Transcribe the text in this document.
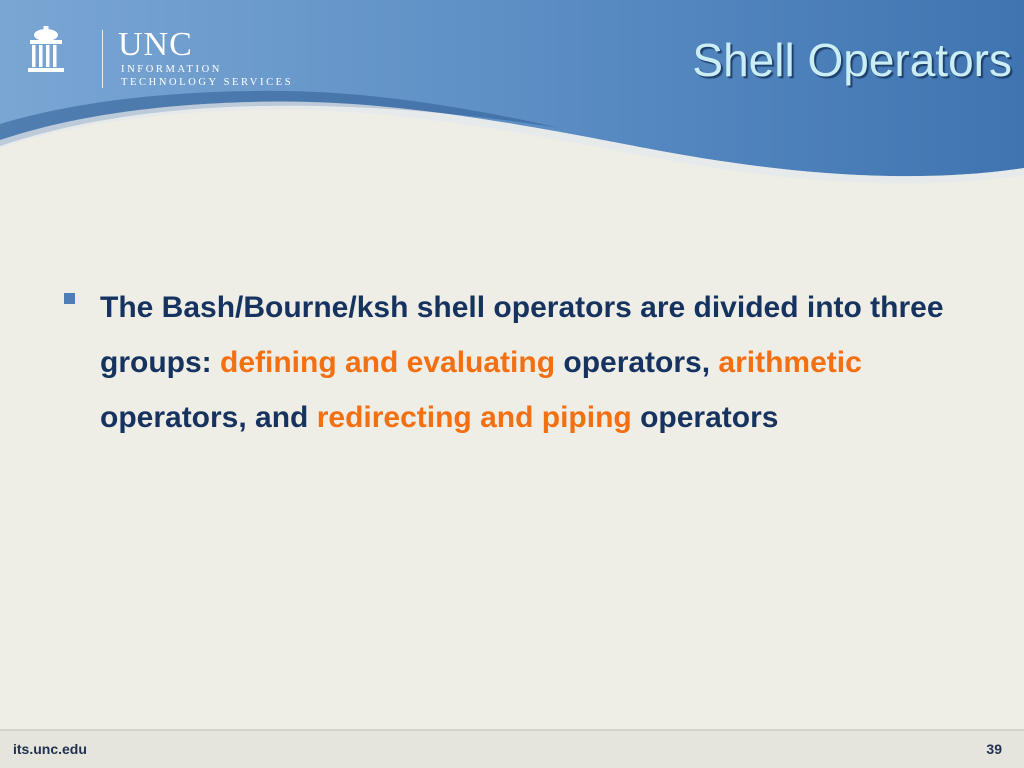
UNC
INFORMATION
TECHNOLOGY SERVICES	Shell Operators

The Bash/Bourne/ksh shell operators are divided into three groups: defining and evaluating operators, arithmetic operators, and redirecting and piping operators

its.unc.edu	39
